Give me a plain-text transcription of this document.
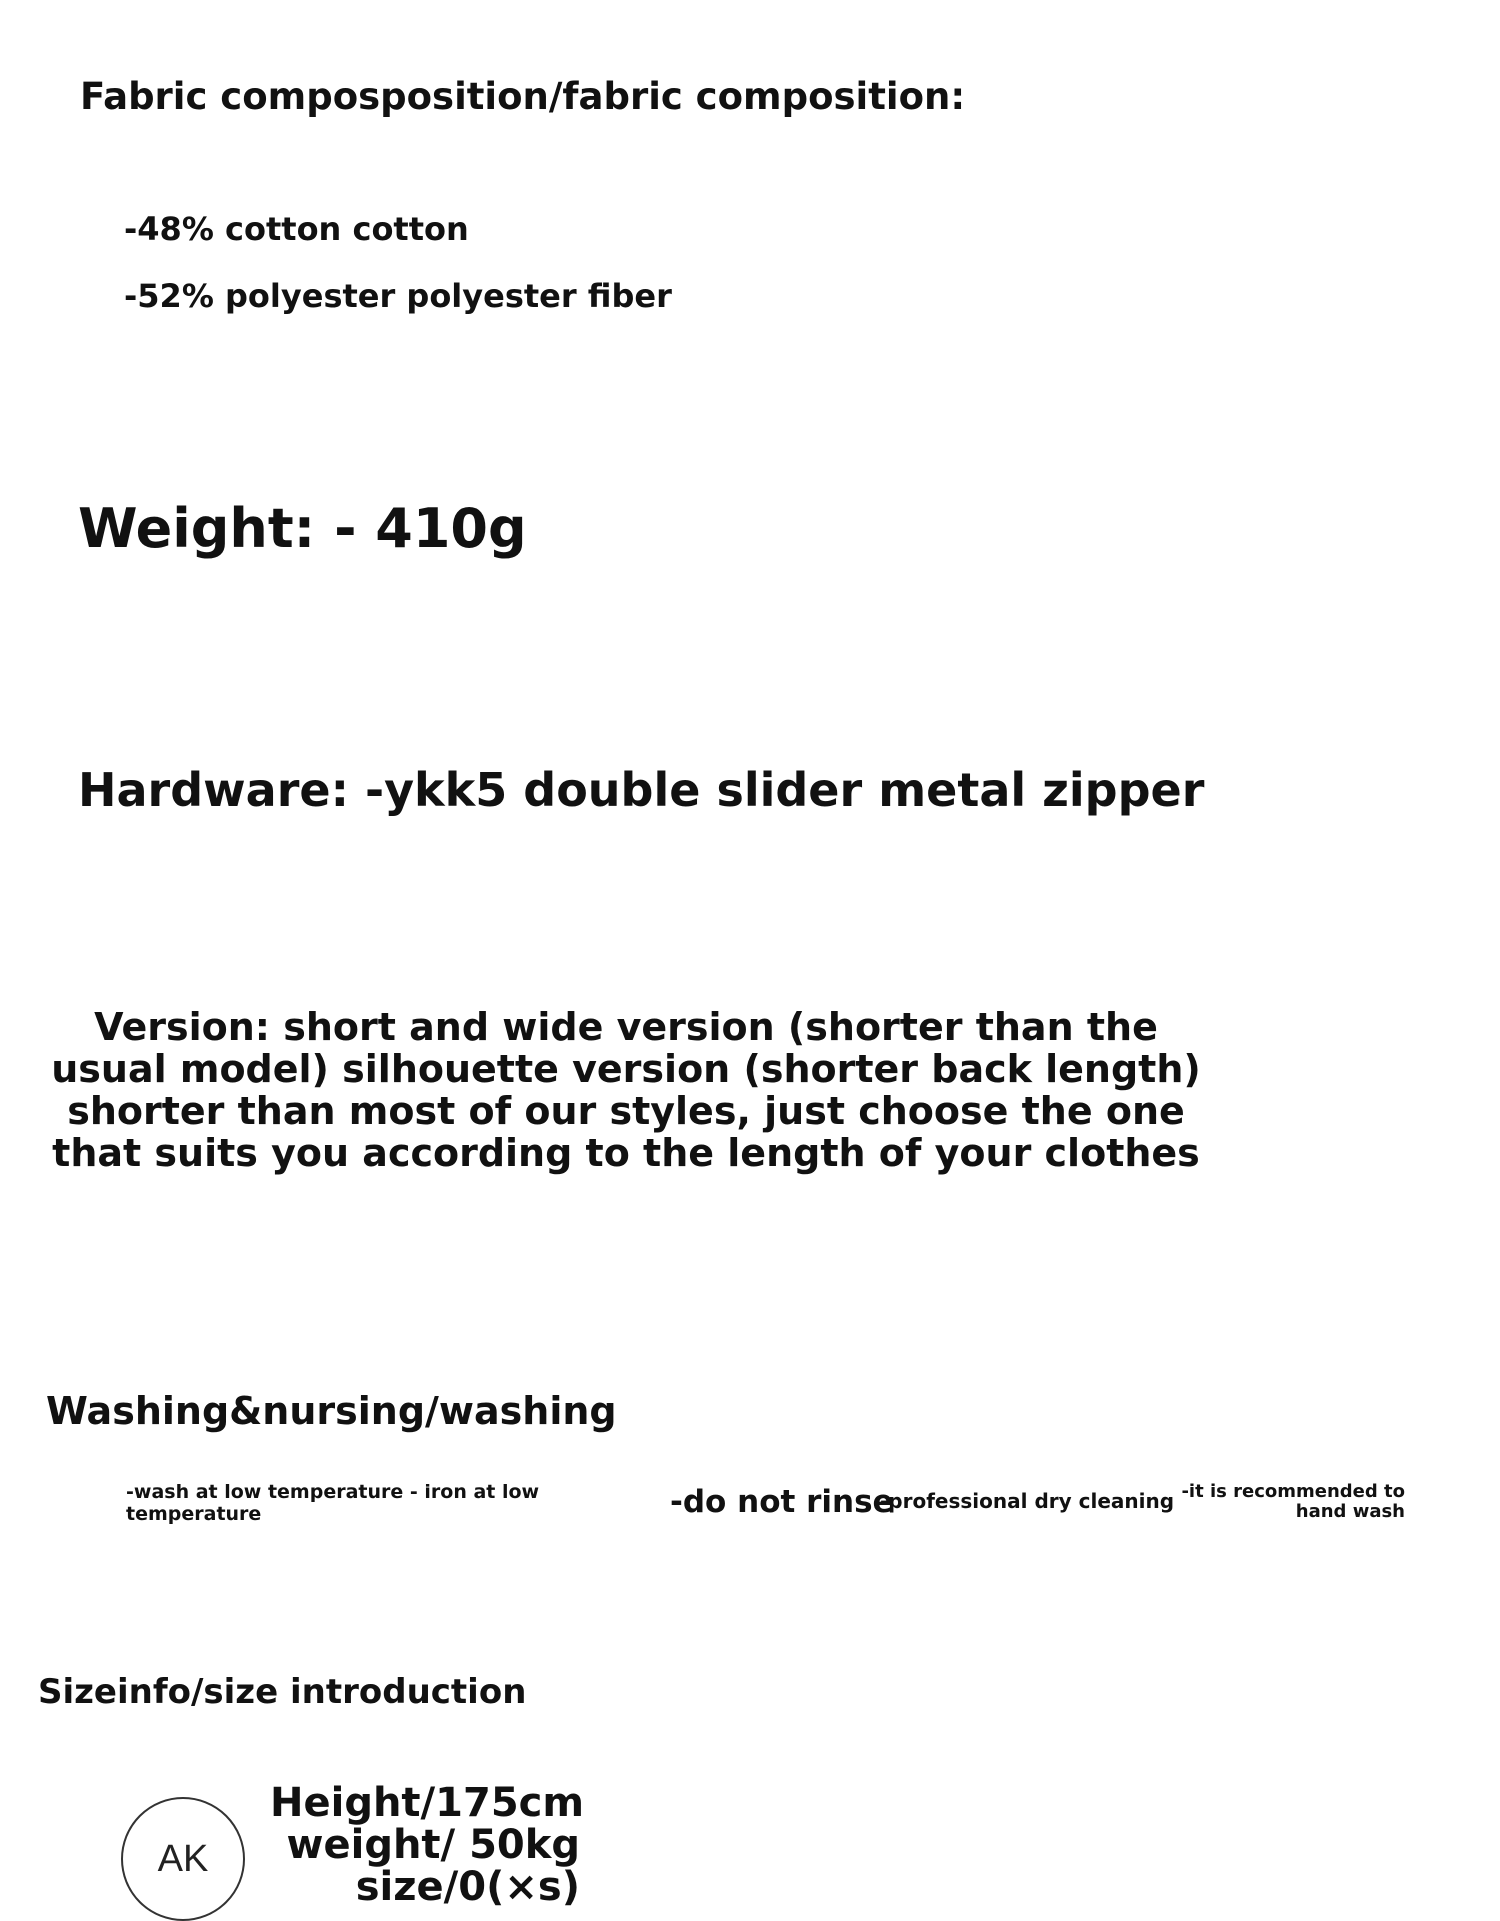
Fabric composposition/fabric composition:
-48% cotton cotton
-52% polyester polyester fiber
Weight: - 410g
Hardware: -ykk5 double slider metal zipper
Version: short and wide version (shorter than the usual model) silhouette version (shorter back length) shorter than most of our styles, just choose the one that suits you according to the length of your clothes
Washing&nursing/washing
-wash at low temperature - iron at low temperature	-do not rinse
-professional dry cleaning -it is recommended to hand wash
Sizeinfo/size introduction
AK
Height/175cm
weight/ 50kg
size/0(×s)
